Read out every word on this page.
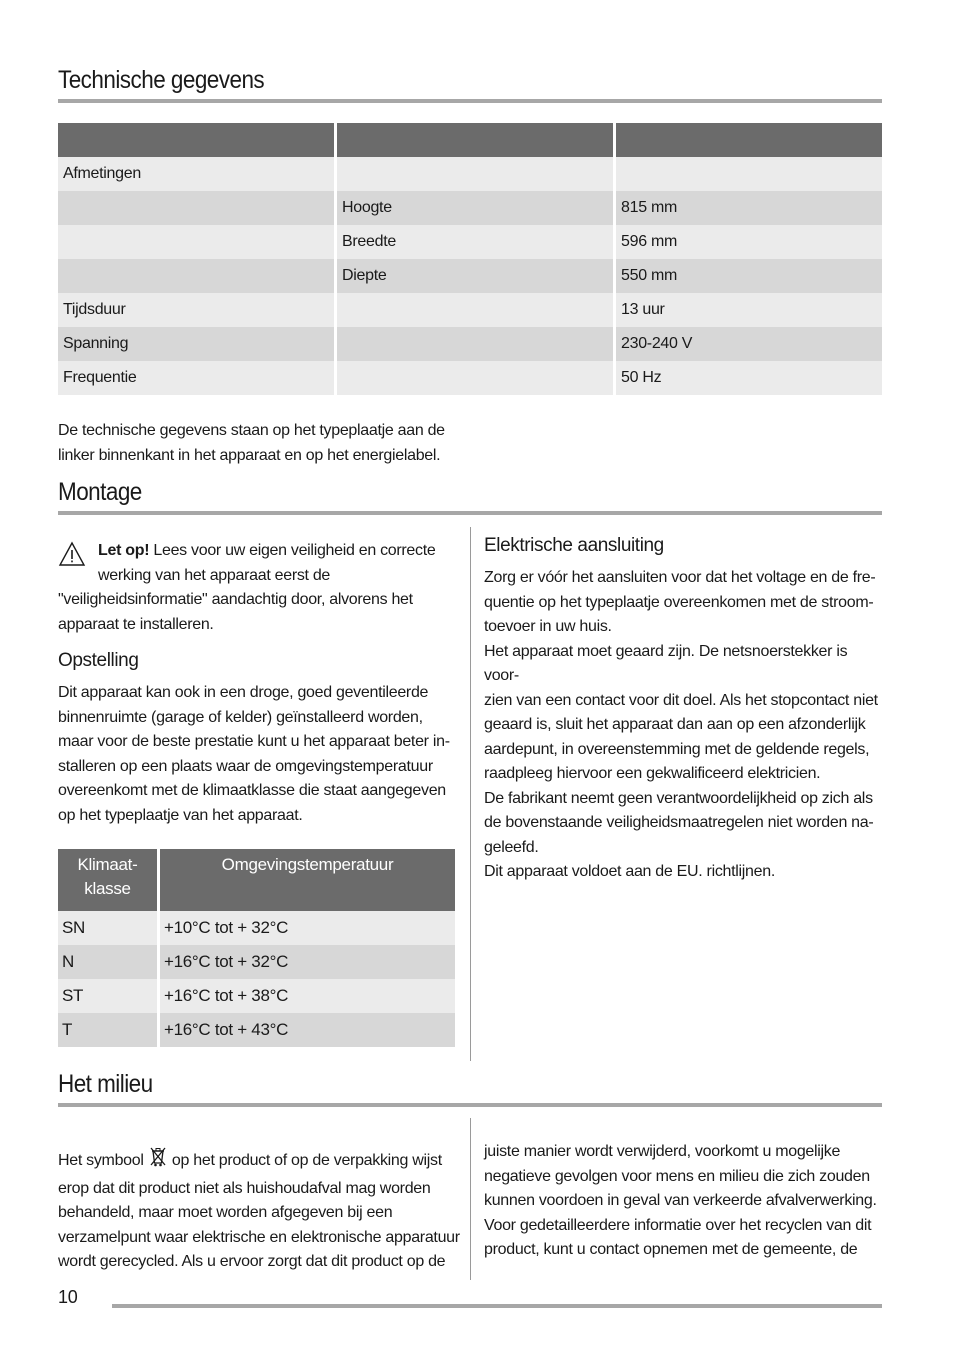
Technische gegevens

Afmetingen		
	Hoogte	815 mm
	Breedte	596 mm
	Diepte	550 mm
Tijdsduur		13 uur
Spanning		230-240 V
Frequentie		50 Hz

De technische gegevens staan op het typeplaatje aan de

linker binnenkant in het apparaat en op het energielabel.

Montage

Let op! Lees voor uw eigen veiligheid en correcte

werking van het apparaat eerst de

"veiligheidsinformatie" aandachtig door, alvorens het

apparaat te installeren.

Opstelling

Dit apparaat kan ook in een droge, goed geventileerde

binnenruimte (garage of kelder) geïnstalleerd worden,

maar voor de beste prestatie kunt u het apparaat beter in-

stalleren op een plaats waar de omgevingstemperatuur

overeenkomt met de klimaatklasse die staat aangegeven

op het typeplaatje van het apparaat.

Klimaat-
klasse	Omgevingstemperatuur
SN	+10°C tot + 32°C
N	+16°C tot + 32°C
ST	+16°C tot + 38°C
T	+16°C tot + 43°C
Elektrische aansluiting

Zorg er vóór het aansluiten voor dat het voltage en de fre-

quentie op het typeplaatje overeenkomen met de stroom-

toevoer in uw huis.

Het apparaat moet geaard zijn. De netsnoerstekker is voor-

zien van een contact voor dit doel. Als het stopcontact niet

geaard is, sluit het apparaat dan aan op een afzonderlijk

aardepunt, in overeenstemming met de geldende regels,

raadpleeg hiervoor een gekwalificeerd elektricien.

De fabrikant neemt geen verantwoordelijkheid op zich als

de bovenstaande veiligheidsmaatregelen niet worden na-

geleefd.

Dit apparaat voldoet aan de EU. richtlijnen.

Het milieu

Het symbool  op het product of op de verpakking wijst

erop dat dit product niet als huishoudafval mag worden

behandeld, maar moet worden afgegeven bij een

verzamelpunt waar elektrische en elektronische apparatuur

wordt gerecycled. Als u ervoor zorgt dat dit product op de

juiste manier wordt verwijderd, voorkomt u mogelijke

negatieve gevolgen voor mens en milieu die zich zouden

kunnen voordoen in geval van verkeerde afvalverwerking.

Voor gedetailleerdere informatie over het recyclen van dit

product, kunt u contact opnemen met de gemeente, de

10
